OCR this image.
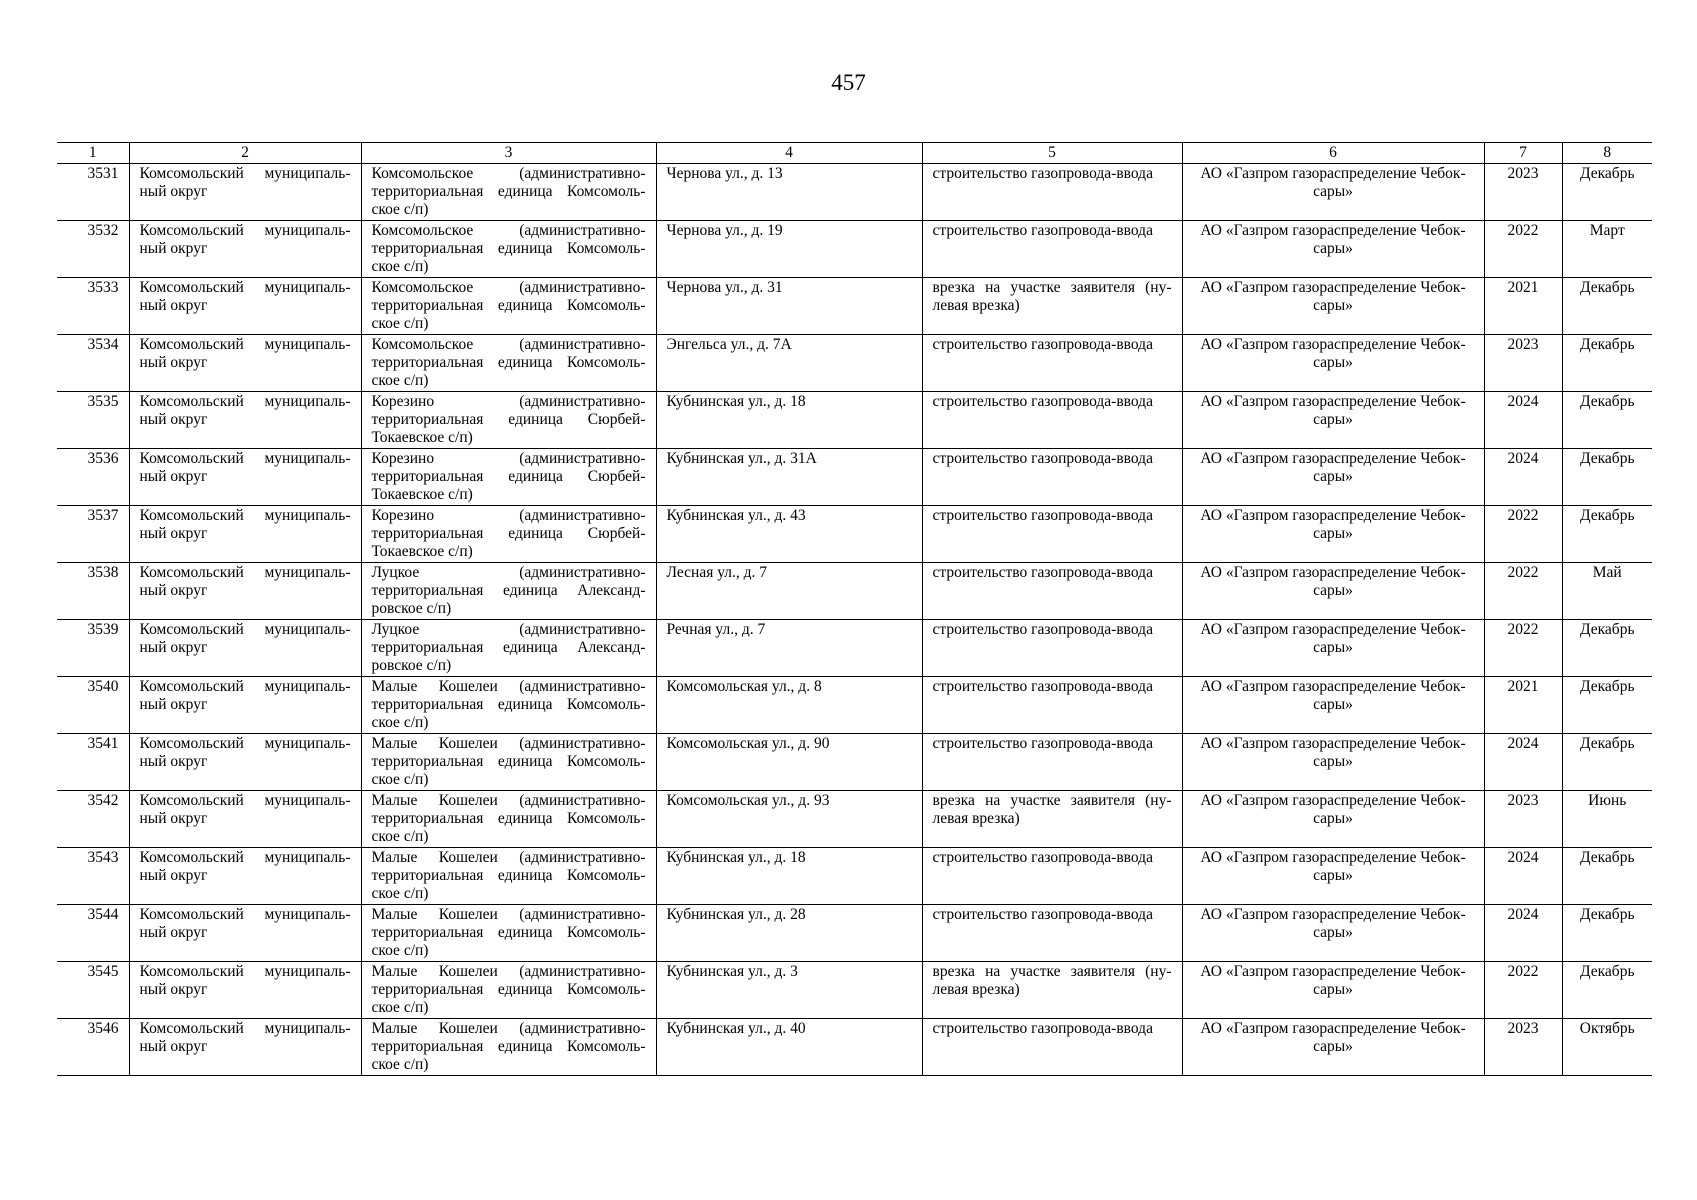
457
1	2	3	4	5	6	7	8
3531	Комсомольский муниципаль-ный округ	Комсомольское (административно-территориальная единица Комсомоль-ское с/п)	Чернова ул., д. 13	строительство газопровода-ввода	АО «Газпром газораспределение Чебок-сары»	2023	Декабрь
3532	Комсомольский муниципаль-ный округ	Комсомольское (административно-территориальная единица Комсомоль-ское с/п)	Чернова ул., д. 19	строительство газопровода-ввода	АО «Газпром газораспределение Чебок-сары»	2022	Март
3533	Комсомольский муниципаль-ный округ	Комсомольское (административно-территориальная единица Комсомоль-ское с/п)	Чернова ул., д. 31	врезка на участке заявителя (ну-левая врезка)	АО «Газпром газораспределение Чебок-сары»	2021	Декабрь
3534	Комсомольский муниципаль-ный округ	Комсомольское (административно-территориальная единица Комсомоль-ское с/п)	Энгельса ул., д. 7А	строительство газопровода-ввода	АО «Газпром газораспределение Чебок-сары»	2023	Декабрь
3535	Комсомольский муниципаль-ный округ	Корезино (административно-территориальная единица Сюрбей-Токаевское с/п)	Кубнинская ул., д. 18	строительство газопровода-ввода	АО «Газпром газораспределение Чебок-сары»	2024	Декабрь
3536	Комсомольский муниципаль-ный округ	Корезино (административно-территориальная единица Сюрбей-Токаевское с/п)	Кубнинская ул., д. 31А	строительство газопровода-ввода	АО «Газпром газораспределение Чебок-сары»	2024	Декабрь
3537	Комсомольский муниципаль-ный округ	Корезино (административно-территориальная единица Сюрбей-Токаевское с/п)	Кубнинская ул., д. 43	строительство газопровода-ввода	АО «Газпром газораспределение Чебок-сары»	2022	Декабрь
3538	Комсомольский муниципаль-ный округ	Луцкое (административно-территориальная единица Александ-ровское с/п)	Лесная ул., д. 7	строительство газопровода-ввода	АО «Газпром газораспределение Чебок-сары»	2022	Май
3539	Комсомольский муниципаль-ный округ	Луцкое (административно-территориальная единица Александ-ровское с/п)	Речная ул., д. 7	строительство газопровода-ввода	АО «Газпром газораспределение Чебок-сары»	2022	Декабрь
3540	Комсомольский муниципаль-ный округ	Малые Кошелеи (административно-территориальная единица Комсомоль-ское с/п)	Комсомольская ул., д. 8	строительство газопровода-ввода	АО «Газпром газораспределение Чебок-сары»	2021	Декабрь
3541	Комсомольский муниципаль-ный округ	Малые Кошелеи (административно-территориальная единица Комсомоль-ское с/п)	Комсомольская ул., д. 90	строительство газопровода-ввода	АО «Газпром газораспределение Чебок-сары»	2024	Декабрь
3542	Комсомольский муниципаль-ный округ	Малые Кошелеи (административно-территориальная единица Комсомоль-ское с/п)	Комсомольская ул., д. 93	врезка на участке заявителя (ну-левая врезка)	АО «Газпром газораспределение Чебок-сары»	2023	Июнь
3543	Комсомольский муниципаль-ный округ	Малые Кошелеи (административно-территориальная единица Комсомоль-ское с/п)	Кубнинская ул., д. 18	строительство газопровода-ввода	АО «Газпром газораспределение Чебок-сары»	2024	Декабрь
3544	Комсомольский муниципаль-ный округ	Малые Кошелеи (административно-территориальная единица Комсомоль-ское с/п)	Кубнинская ул., д. 28	строительство газопровода-ввода	АО «Газпром газораспределение Чебок-сары»	2024	Декабрь
3545	Комсомольский муниципаль-ный округ	Малые Кошелеи (административно-территориальная единица Комсомоль-ское с/п)	Кубнинская ул., д. 3	врезка на участке заявителя (ну-левая врезка)	АО «Газпром газораспределение Чебок-сары»	2022	Декабрь
3546	Комсомольский муниципаль-ный округ	Малые Кошелеи (административно-территориальная единица Комсомоль-ское с/п)	Кубнинская ул., д. 40	строительство газопровода-ввода	АО «Газпром газораспределение Чебок-сары»	2023	Октябрь
